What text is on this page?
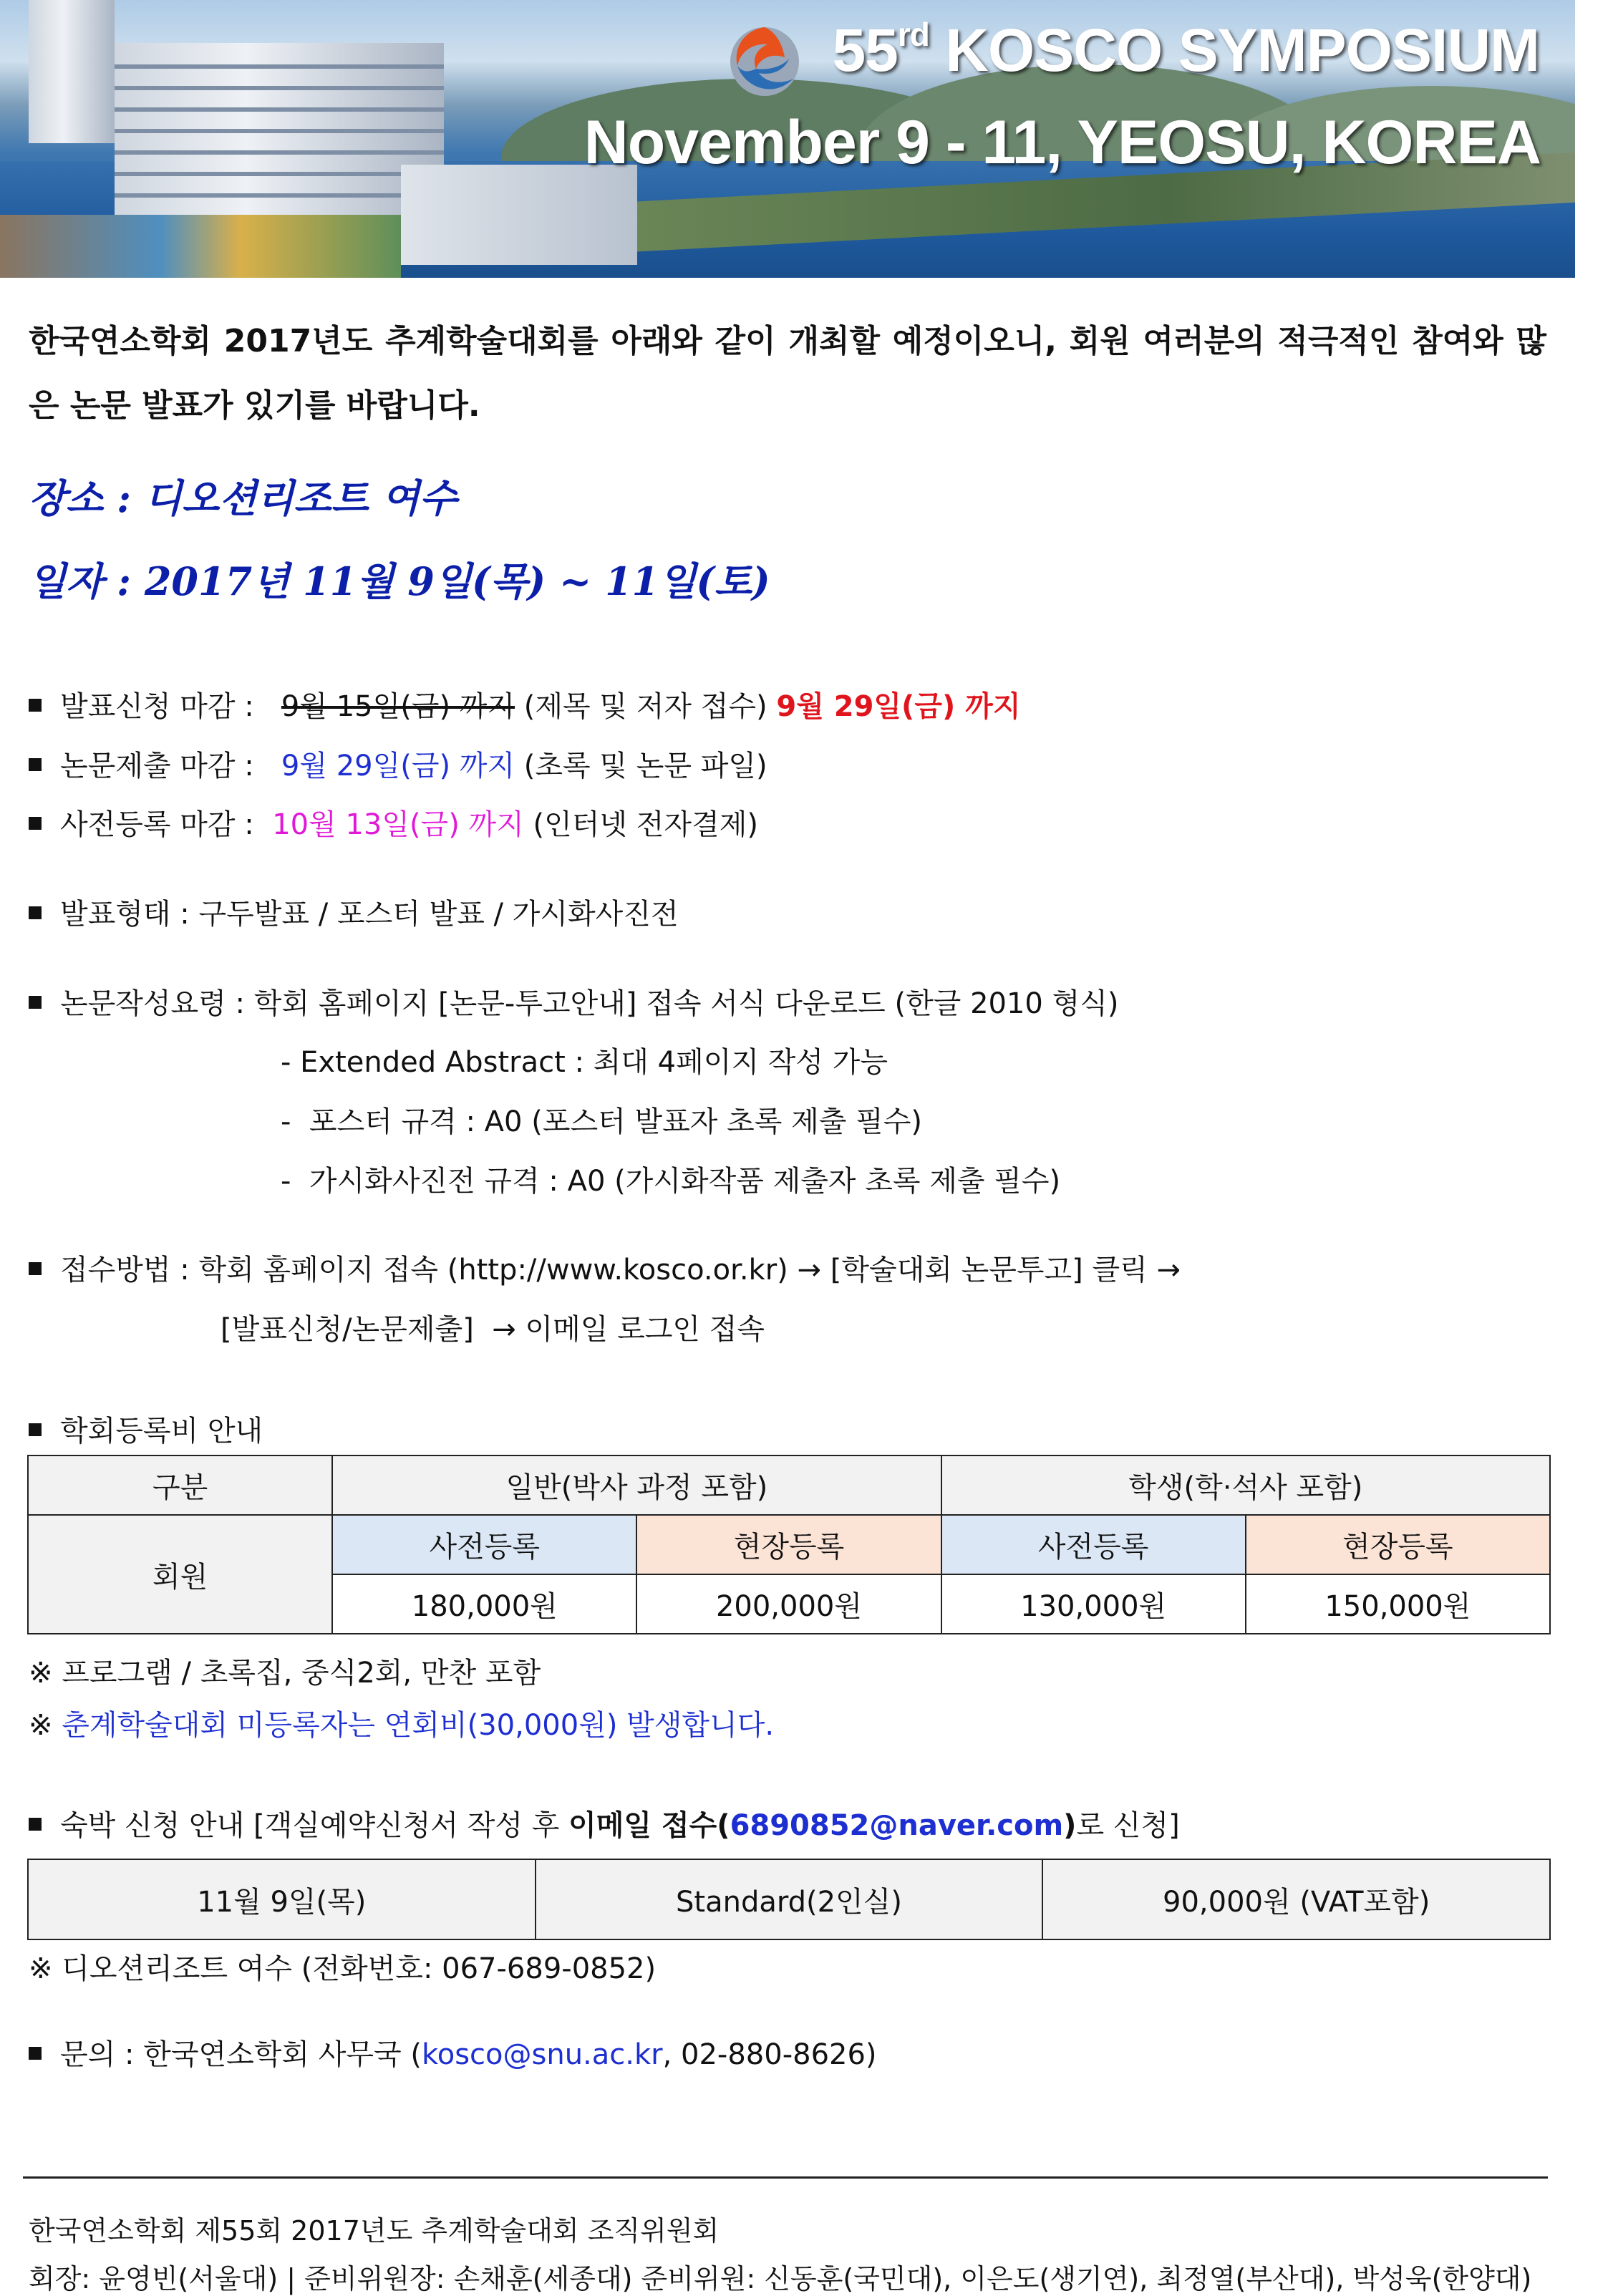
55rd KOSCO SYMPOSIUM
November 9 - 11, YEOSU, KOREA
한국연소학회 2017년도 추계학술대회를 아래와 같이 개최할 예정이오니, 회원 여러분의 적극적인 참여와 많은 논문 발표가 있기를 바랍니다.
장소 : 디오션리조트 여수
일자 : 2017년 11월 9일(목) ~ 11일(토)
발표신청 마감 :   9월 15일(금) 까지 (제목 및 저자 접수) 9월 29일(금) 까지
논문제출 마감 :   9월 29일(금) 까지 (초록 및 논문 파일)
사전등록 마감 :  10월 13일(금) 까지 (인터넷 전자결제)
발표형태 : 구두발표 / 포스터 발표 / 가시화사진전
논문작성요령 : 학회 홈페이지 [논문-투고안내] 접속 서식 다운로드 (한글 2010 형식)
- Extended Abstract : 최대 4페이지 작성 가능
-  포스터 규격 : A0 (포스터 발표자 초록 제출 필수)
-  가시화사진전 규격 : A0 (가시화작품 제출자 초록 제출 필수)
접수방법 : 학회 홈페이지 접속 (http://www.kosco.or.kr) → [학술대회 논문투고] 클릭 →
[발표신청/논문제출]  → 이메일 로그인 접속
학회등록비 안내
구분	일반(박사 과정 포함)		학생(학·석사 포함)	
회원	사전등록	현장등록	사전등록	현장등록
	180,000원	200,000원	130,000원	150,000원
※ 프로그램 / 초록집, 중식2회, 만찬 포함
※ 춘계학술대회 미등록자는 연회비(30,000원) 발생합니다.
숙박 신청 안내 [객실예약신청서 작성 후 이메일 접수(6890852@naver.com)로 신청]
11월 9일(목)	Standard(2인실)	90,000원 (VAT포함)
※ 디오션리조트 여수 (전화번호: 067-689-0852)
문의 : 한국연소학회 사무국 (kosco@snu.ac.kr, 02-880-8626)
한국연소학회 제55회 2017년도 추계학술대회 조직위원회
회장: 윤영빈(서울대) | 준비위원장: 손채훈(세종대) 준비위원: 신동훈(국민대), 이은도(생기연), 최정열(부산대), 박성욱(한양대)
